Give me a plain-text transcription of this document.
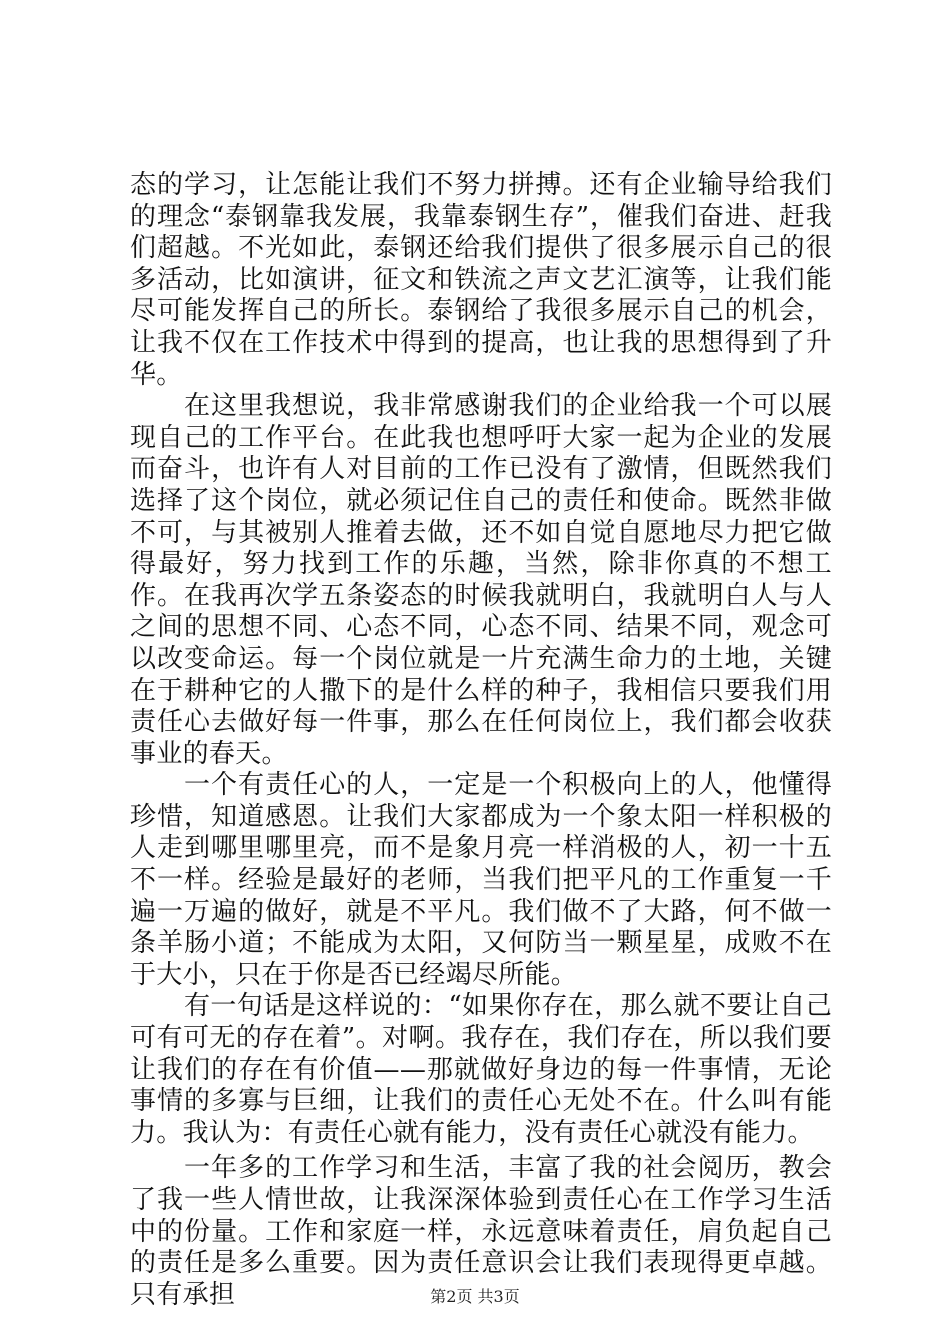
态的学习，让怎能让我们不努力拼搏。还有企业输导给我们的理念“泰钢靠我发展，我靠泰钢生存”，催我们奋进、赶我们超越。不光如此，泰钢还给我们提供了很多展示自己的很多活动，比如演讲，征文和铁流之声文艺汇演等，让我们能尽可能发挥自己的所长。泰钢给了我很多展示自己的机会，让我不仅在工作技术中得到的提高，也让我的思想得到了升华。

在这里我想说，我非常感谢我们的企业给我一个可以展现自己的工作平台。在此我也想呼吁大家一起为企业的发展而奋斗，也许有人对目前的工作已没有了激情，但既然我们选择了这个岗位，就必须记住自己的责任和使命。既然非做不可，与其被别人推着去做，还不如自觉自愿地尽力把它做得最好，努力找到工作的乐趣，当然，除非你真的不想工作。在我再次学五条姿态的时候我就明白，我就明白人与人之间的思想不同、心态不同，心态不同、结果不同，观念可以改变命运。每一个岗位就是一片充满生命力的土地，关键在于耕种它的人撒下的是什么样的种子，我相信只要我们用责任心去做好每一件事，那么在任何岗位上，我们都会收获事业的春天。

一个有责任心的人，一定是一个积极向上的人，他懂得珍惜，知道感恩。让我们大家都成为一个象太阳一样积极的人走到哪里哪里亮，而不是象月亮一样消极的人，初一十五不一样。经验是最好的老师，当我们把平凡的工作重复一千遍一万遍的做好，就是不平凡。我们做不了大路，何不做一条羊肠小道；不能成为太阳，又何防当一颗星星，成败不在于大小，只在于你是否已经竭尽所能。

有一句话是这样说的：“如果你存在，那么就不要让自己可有可无的存在着”。对啊。我存在，我们存在，所以我们要让我们的存在有价值——那就做好身边的每一件事情，无论事情的多寡与巨细，让我们的责任心无处不在。什么叫有能力。我认为：有责任心就有能力，没有责任心就没有能力。

一年多的工作学习和生活，丰富了我的社会阅历，教会了我一些人情世故，让我深深体验到责任心在工作学习生活中的份量。工作和家庭一样，永远意味着责任，肩负起自己的责任是多么重要。因为责任意识会让我们表现得更卓越。只有承担	第2页 共3页
